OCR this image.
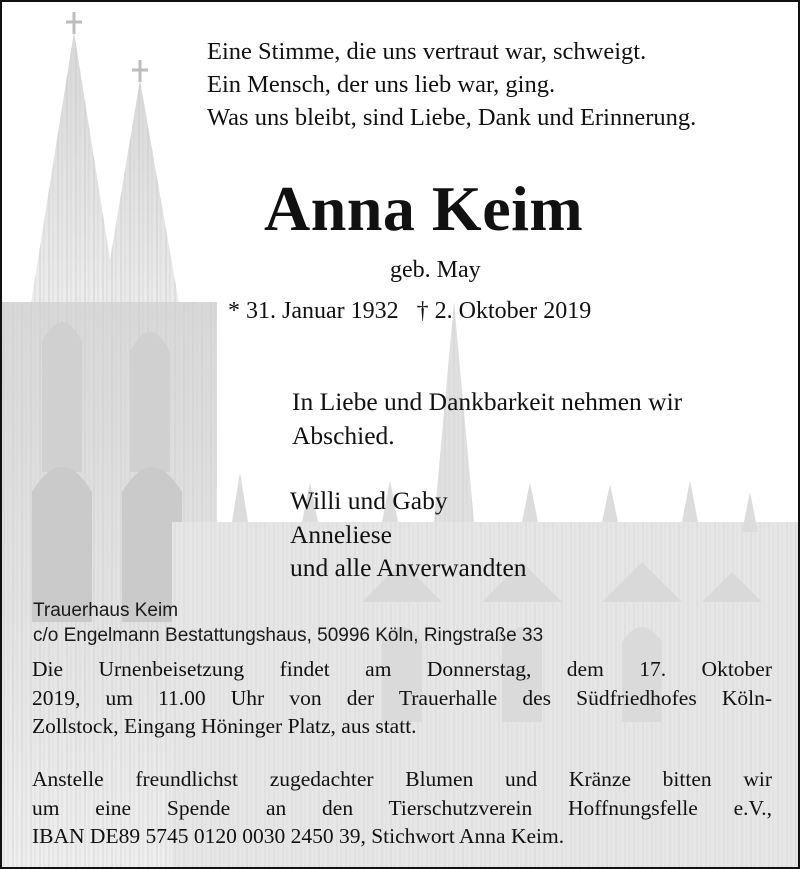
Eine Stimme, die uns vertraut war, schweigt.
Ein Mensch, der uns lieb war, ging.
Was uns bleibt, sind Liebe, Dank und Erinnerung.
Anna Keim
geb. May
* 31. Januar 1932 † 2. Oktober 2019
In Liebe und Dankbarkeit nehmen wir
Abschied.
Willi und Gaby
Anneliese
und alle Anverwandten
Trauerhaus Keim
c/o Engelmann Bestattungshaus, 50996 Köln, Ringstraße 33
Die Urnenbeisetzung findet am Donnerstag, dem 17. Oktober
2019, um 11.00 Uhr von der Trauerhalle des Südfriedhofes Köln-
Zollstock, Eingang Höninger Platz, aus statt.
Anstelle freundlichst zugedachter Blumen und Kränze bitten wir
um eine Spende an den Tierschutzverein Hoffnungsfelle e.V.,
IBAN DE89 5745 0120 0030 2450 39, Stichwort Anna Keim.
